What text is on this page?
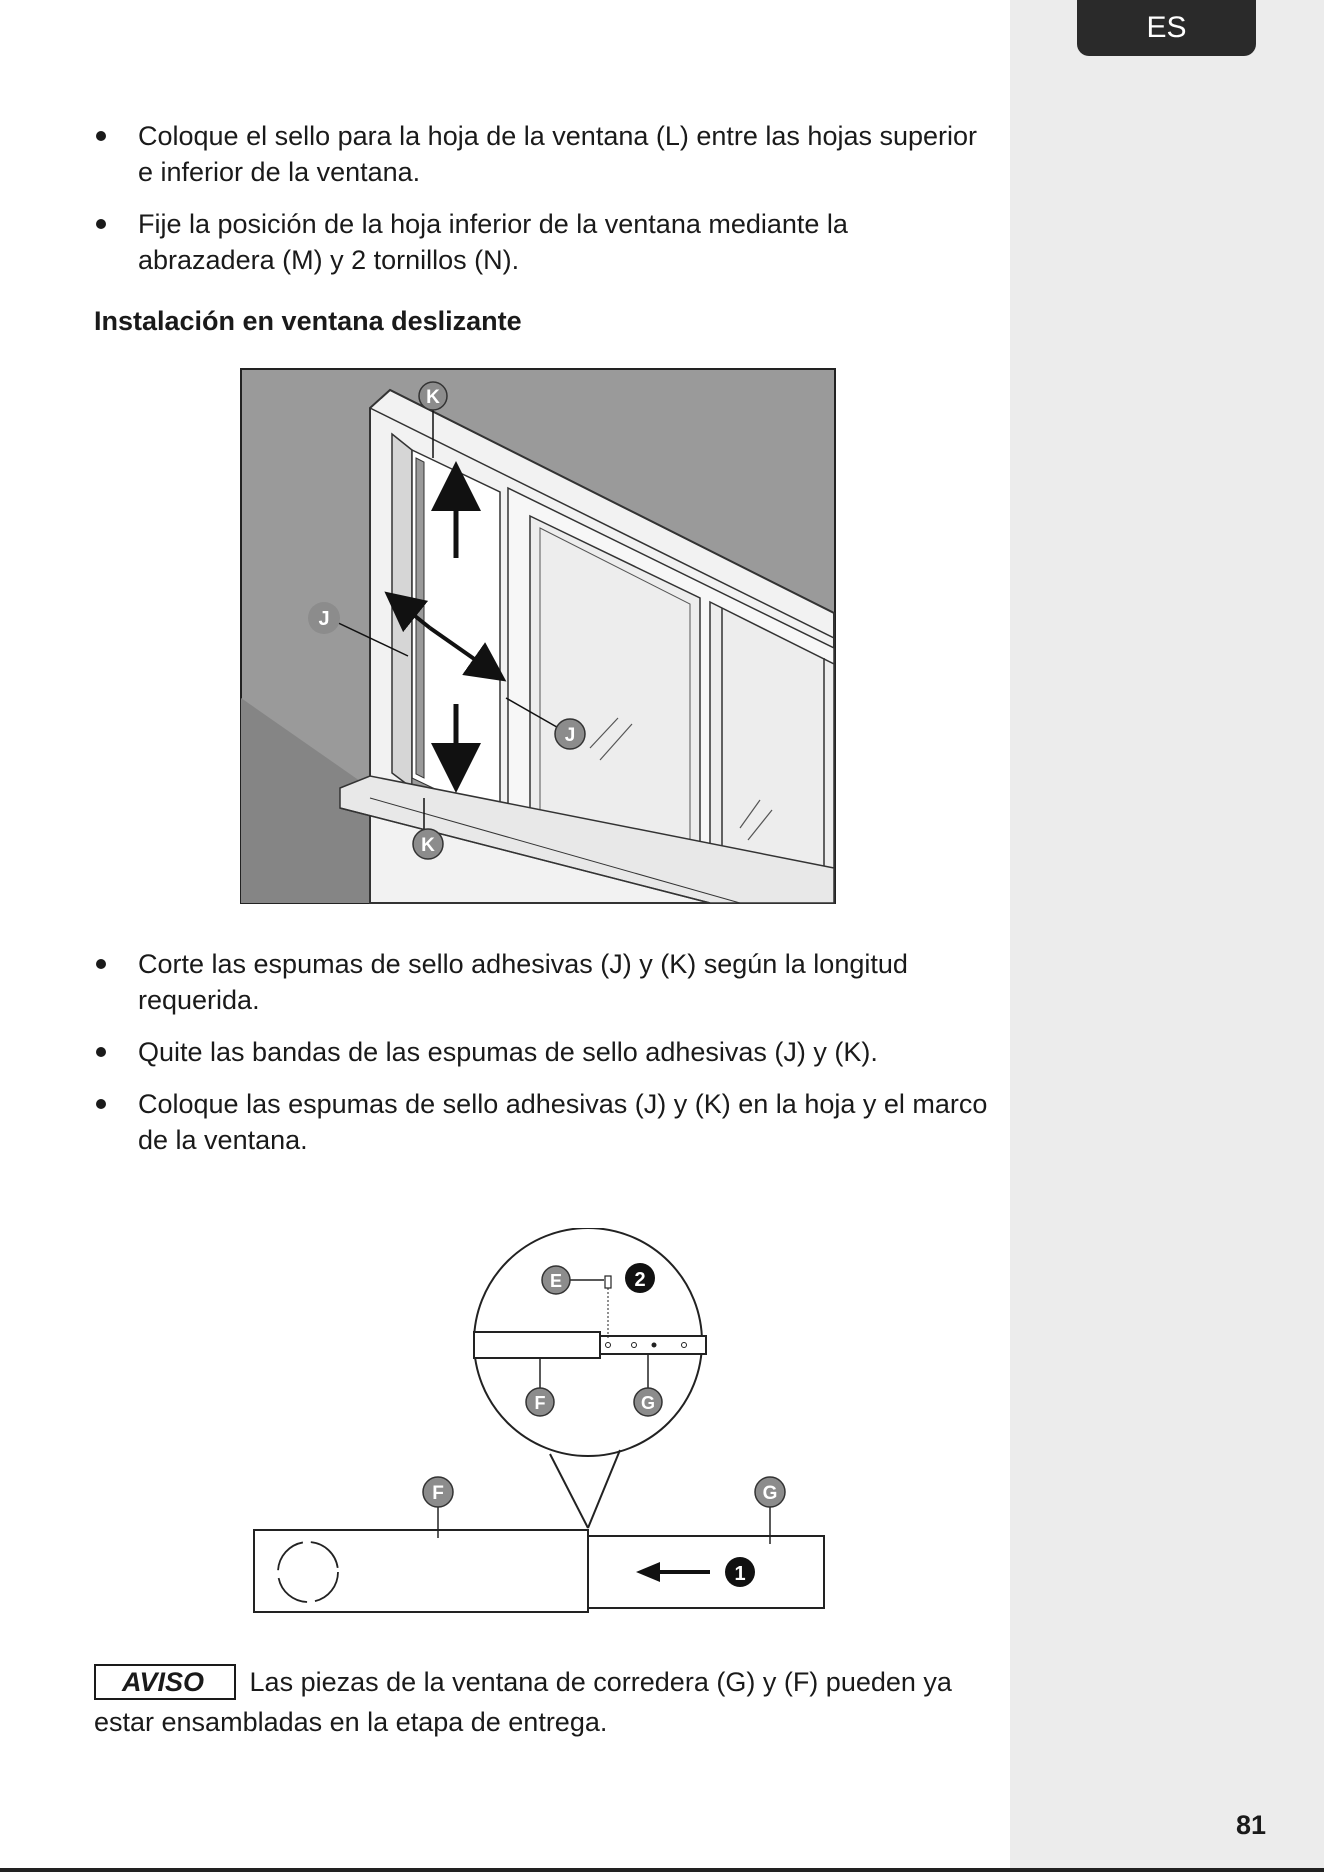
ES
Coloque el sello para la hoja de la ventana (L) entre las hojas superior e inferior de la ventana.
Fije la posición de la hoja inferior de la ventana mediante la abrazadera (M) y 2 tornillos (N).
Instalación en ventana deslizante
K
J
J
K
Corte las espumas de sello adhesivas (J) y (K) según la longitud requerida.
Quite las bandas de las espumas de sello adhesivas (J) y (K).
Coloque las espumas de sello adhesivas (J) y (K) en la hoja y el marco de la ventana.
E	2
F	G
F	G
1
AVISO Las piezas de la ventana de corredera (G) y (F) pueden ya estar ensambladas en la etapa de entrega.
81
